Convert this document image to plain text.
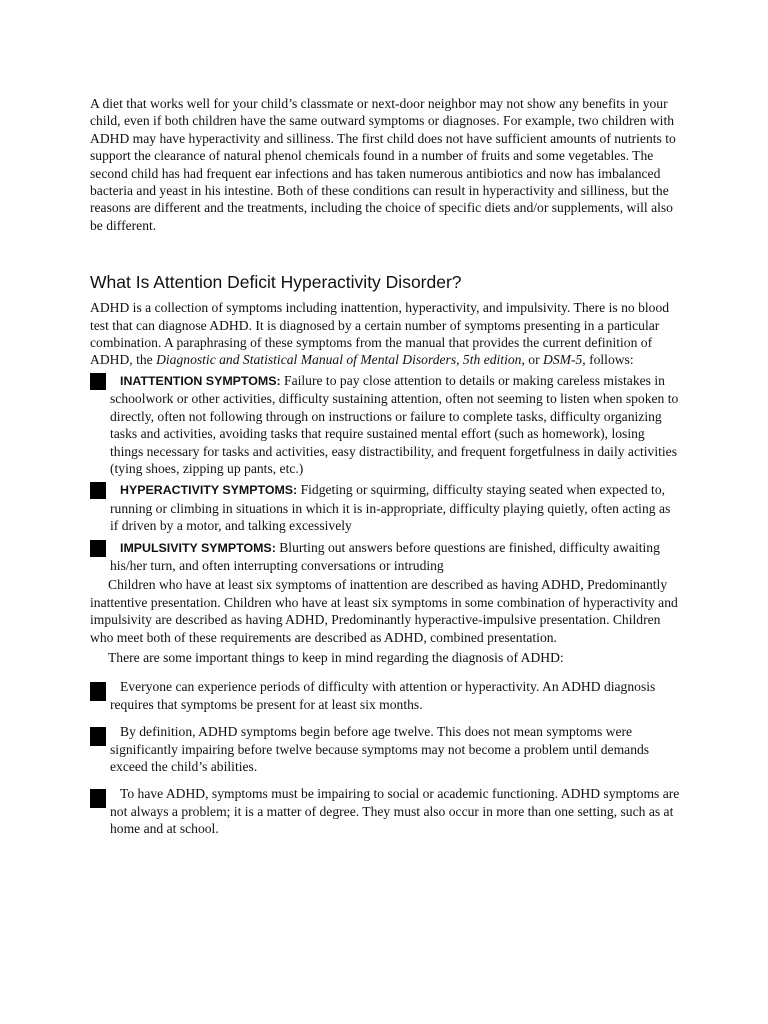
A diet that works well for your child’s classmate or next-door neighbor may not show any benefits in your child, even if both children have the same outward symptoms or diagnoses. For example, two children with ADHD may have hyperactivity and silliness. The first child does not have sufficient amounts of nutrients to support the clearance of natural phenol chemicals found in a number of fruits and some vegetables. The second child has had frequent ear infections and has taken numerous antibiotics and now has imbalanced bacteria and yeast in his intestine. Both of these conditions can result in hyperactivity and silliness, but the reasons are different and the treatments, including the choice of specific diets and/or supplements, will also be different.

What Is Attention Deficit Hyperactivity Disorder?

ADHD is a collection of symptoms including inattention, hyperactivity, and impulsivity. There is no blood test that can diagnose ADHD. It is diagnosed by a certain number of symptoms presenting in a particular combination. A paraphrasing of these symptoms from the manual that provides the current definition of ADHD, the Diagnostic and Statistical Manual of Mental Disorders, 5th edition, or DSM-5, follows:

INATTENTION SYMPTOMS: Failure to pay close attention to details or making careless mistakes in schoolwork or other activities, difficulty sustaining attention, often not seeming to listen when spoken to directly, often not following through on instructions or failure to complete tasks, difficulty organizing tasks and activities, avoiding tasks that require sustained mental effort (such as homework), losing things necessary for tasks and activities, easy distractibility, and frequent forgetfulness in daily activities (tying shoes, zipping up pants, etc.)

HYPERACTIVITY SYMPTOMS: Fidgeting or squirming, difficulty staying seated when expected to, running or climbing in situations in which it is in-appropriate, difficulty playing quietly, often acting as if driven by a motor, and talking excessively

IMPULSIVITY SYMPTOMS: Blurting out answers before questions are finished, difficulty awaiting his/her turn, and often interrupting conversations or intruding

Children who have at least six symptoms of inattention are described as having ADHD, Predominantly inattentive presentation. Children who have at least six symptoms in some combination of hyperactivity and impulsivity are described as having ADHD, Predominantly hyperactive-impulsive presentation. Children who meet both of these requirements are described as ADHD, combined presentation.

There are some important things to keep in mind regarding the diagnosis of ADHD:

Everyone can experience periods of difficulty with attention or hyperactivity. An ADHD diagnosis requires that symptoms be present for at least six months.

By definition, ADHD symptoms begin before age twelve. This does not mean symptoms were significantly impairing before twelve because symptoms may not become a problem until demands exceed the child’s abilities.

To have ADHD, symptoms must be impairing to social or academic functioning. ADHD symptoms are not always a problem; it is a matter of degree. They must also occur in more than one setting, such as at home and at school.
